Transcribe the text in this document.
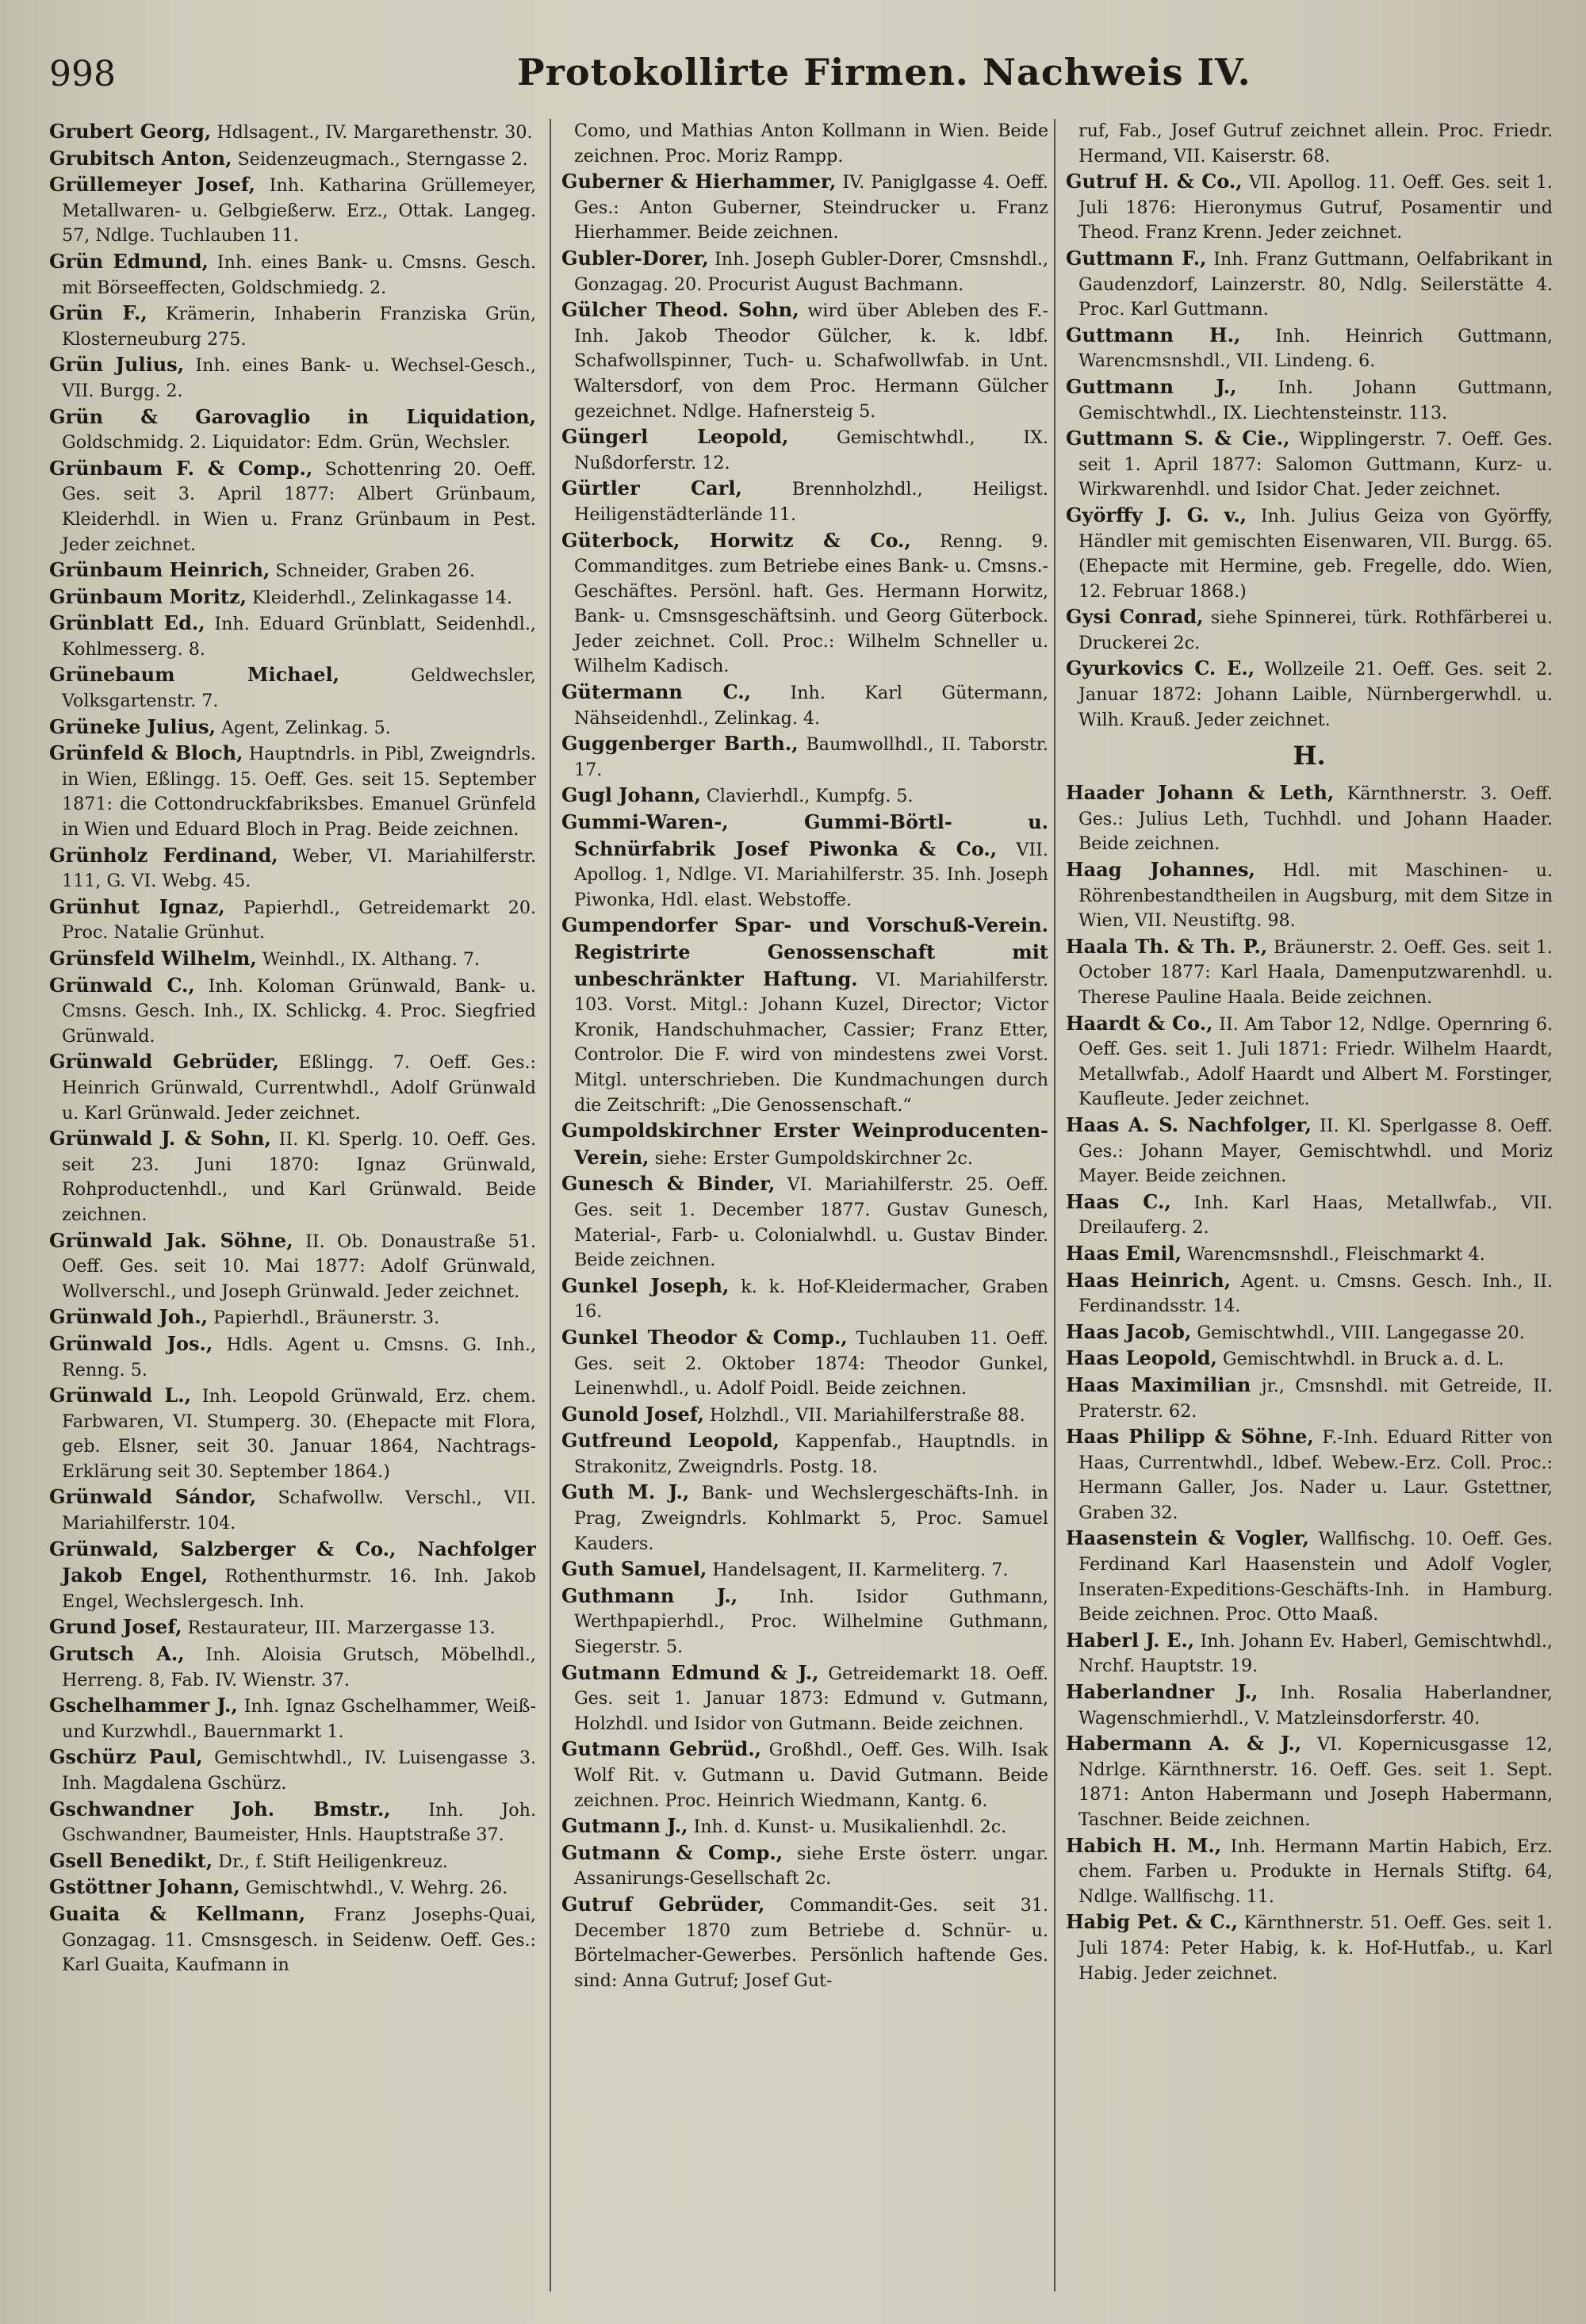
998	Protokollirte Firmen. Nachweis IV.

Grubert Georg, Hdlsagent., IV. Margarethenstr. 30.

Grubitsch Anton, Seidenzeugmach., Sterngasse 2.

Grüllemeyer Josef, Inh. Katharina Grüllemeyer, Metallwaren- u. Gelbgießerw. Erz., Ottak. Langeg. 57, Ndlge. Tuchlauben 11.

Grün Edmund, Inh. eines Bank- u. Cmsns. Gesch. mit Börseeffecten, Goldschmiedg. 2.

Grün F., Krämerin, Inhaberin Franziska Grün, Klosterneuburg 275.

Grün Julius, Inh. eines Bank- u. Wechsel-Gesch., VII. Burgg. 2.

Grün & Garovaglio in Liquidation, Goldschmidg. 2. Liquidator: Edm. Grün, Wechsler.

Grünbaum F. & Comp., Schottenring 20. Oeff. Ges. seit 3. April 1877: Albert Grünbaum, Kleiderhdl. in Wien u. Franz Grünbaum in Pest. Jeder zeichnet.

Grünbaum Heinrich, Schneider, Graben 26.

Grünbaum Moritz, Kleiderhdl., Zelinkagasse 14.

Grünblatt Ed., Inh. Eduard Grünblatt, Seidenhdl., Kohlmesserg. 8.

Grünebaum Michael, Geldwechsler, Volksgartenstr. 7.

Grüneke Julius, Agent, Zelinkag. 5.

Grünfeld & Bloch, Hauptndrls. in Pibl, Zweigndrls. in Wien, Eßlingg. 15. Oeff. Ges. seit 15. September 1871: die Cottondruckfabriksbes. Emanuel Grünfeld in Wien und Eduard Bloch in Prag. Beide zeichnen.

Grünholz Ferdinand, Weber, VI. Mariahilferstr. 111, G. VI. Webg. 45.

Grünhut Ignaz, Papierhdl., Getreidemarkt 20. Proc. Natalie Grünhut.

Grünsfeld Wilhelm, Weinhdl., IX. Althang. 7.

Grünwald C., Inh. Koloman Grünwald, Bank- u. Cmsns. Gesch. Inh., IX. Schlickg. 4. Proc. Siegfried Grünwald.

Grünwald Gebrüder, Eßlingg. 7. Oeff. Ges.: Heinrich Grünwald, Currentwhdl., Adolf Grünwald u. Karl Grünwald. Jeder zeichnet.

Grünwald J. & Sohn, II. Kl. Sperlg. 10. Oeff. Ges. seit 23. Juni 1870: Ignaz Grünwald, Rohproductenhdl., und Karl Grünwald. Beide zeichnen.

Grünwald Jak. Söhne, II. Ob. Donaustraße 51. Oeff. Ges. seit 10. Mai 1877: Adolf Grünwald, Wollverschl., und Joseph Grünwald. Jeder zeichnet.

Grünwald Joh., Papierhdl., Bräunerstr. 3.

Grünwald Jos., Hdls. Agent u. Cmsns. G. Inh., Renng. 5.

Grünwald L., Inh. Leopold Grünwald, Erz. chem. Farbwaren, VI. Stumperg. 30. (Ehepacte mit Flora, geb. Elsner, seit 30. Januar 1864, Nachtrags-Erklärung seit 30. September 1864.)

Grünwald Sándor, Schafwollw. Verschl., VII. Mariahilferstr. 104.

Grünwald, Salzberger & Co., Nachfolger Jakob Engel, Rothenthurmstr. 16. Inh. Jakob Engel, Wechslergesch. Inh.

Grund Josef, Restaurateur, III. Marzergasse 13.

Grutsch A., Inh. Aloisia Grutsch, Möbelhdl., Herreng. 8, Fab. IV. Wienstr. 37.

Gschelhammer J., Inh. Ignaz Gschelhammer, Weiß- und Kurzwhdl., Bauernmarkt 1.

Gschürz Paul, Gemischtwhdl., IV. Luisengasse 3. Inh. Magdalena Gschürz.

Gschwandner Joh. Bmstr., Inh. Joh. Gschwandner, Baumeister, Hnls. Hauptstraße 37.

Gsell Benedikt, Dr., f. Stift Heiligenkreuz.

Gstöttner Johann, Gemischtwhdl., V. Wehrg. 26.

Guaita & Kellmann, Franz Josephs-Quai, Gonzagag. 11. Cmsnsgesch. in Seidenw. Oeff. Ges.: Karl Guaita, Kaufmann in

Como, und Mathias Anton Kollmann in Wien. Beide zeichnen. Proc. Moriz Rampp.

Guberner & Hierhammer, IV. Paniglgasse 4. Oeff. Ges.: Anton Guberner, Steindrucker u. Franz Hierhammer. Beide zeichnen.

Gubler-Dorer, Inh. Joseph Gubler-Dorer, Cmsnshdl., Gonzagag. 20. Procurist August Bachmann.

Gülcher Theod. Sohn, wird über Ableben des F.-Inh. Jakob Theodor Gülcher, k. k. ldbf. Schafwollspinner, Tuch- u. Schafwollwfab. in Unt. Waltersdorf, von dem Proc. Hermann Gülcher gezeichnet. Ndlge. Hafnersteig 5.

Güngerl Leopold, Gemischtwhdl., IX. Nußdorferstr. 12.

Gürtler Carl, Brennholzhdl., Heiligst. Heiligenstädterlände 11.

Güterbock, Horwitz & Co., Renng. 9. Commanditges. zum Betriebe eines Bank- u. Cmsns.-Geschäftes. Persönl. haft. Ges. Hermann Horwitz, Bank- u. Cmsnsgeschäftsinh. und Georg Güterbock. Jeder zeichnet. Coll. Proc.: Wilhelm Schneller u. Wilhelm Kadisch.

Gütermann C., Inh. Karl Gütermann, Nähseidenhdl., Zelinkag. 4.

Guggenberger Barth., Baumwollhdl., II. Taborstr. 17.

Gugl Johann, Clavierhdl., Kumpfg. 5.

Gummi-Waren-, Gummi-Börtl- u. Schnürfabrik Josef Piwonka & Co., VII. Apollog. 1, Ndlge. VI. Mariahilferstr. 35. Inh. Joseph Piwonka, Hdl. elast. Webstoffe.

Gumpendorfer Spar- und Vorschuß-Verein. Registrirte Genossenschaft mit unbeschränkter Haftung. VI. Mariahilferstr. 103. Vorst. Mitgl.: Johann Kuzel, Director; Victor Kronik, Handschuhmacher, Cassier; Franz Etter, Controlor. Die F. wird von mindestens zwei Vorst. Mitgl. unterschrieben. Die Kundmachungen durch die Zeitschrift: „Die Genossenschaft.“

Gumpoldskirchner Erster Weinproducenten-Verein, siehe: Erster Gumpoldskirchner 2c.

Gunesch & Binder, VI. Mariahilferstr. 25. Oeff. Ges. seit 1. December 1877. Gustav Gunesch, Material-, Farb- u. Colonialwhdl. u. Gustav Binder. Beide zeichnen.

Gunkel Joseph, k. k. Hof-Kleidermacher, Graben 16.

Gunkel Theodor & Comp., Tuchlauben 11. Oeff. Ges. seit 2. Oktober 1874: Theodor Gunkel, Leinenwhdl., u. Adolf Poidl. Beide zeichnen.

Gunold Josef, Holzhdl., VII. Mariahilferstraße 88.

Gutfreund Leopold, Kappenfab., Hauptndls. in Strakonitz, Zweigndrls. Postg. 18.

Guth M. J., Bank- und Wechslergeschäfts-Inh. in Prag, Zweigndrls. Kohlmarkt 5, Proc. Samuel Kauders.

Guth Samuel, Handelsagent, II. Karmeliterg. 7.

Guthmann J., Inh. Isidor Guthmann, Werthpapierhdl., Proc. Wilhelmine Guthmann, Siegerstr. 5.

Gutmann Edmund & J., Getreidemarkt 18. Oeff. Ges. seit 1. Januar 1873: Edmund v. Gutmann, Holzhdl. und Isidor von Gutmann. Beide zeichnen.

Gutmann Gebrüd., Großhdl., Oeff. Ges. Wilh. Isak Wolf Rit. v. Gutmann u. David Gutmann. Beide zeichnen. Proc. Heinrich Wiedmann, Kantg. 6.

Gutmann J., Inh. d. Kunst- u. Musikalienhdl. 2c.

Gutmann & Comp., siehe Erste österr. ungar. Assanirungs-Gesellschaft 2c.

Gutruf Gebrüder, Commandit-Ges. seit 31. December 1870 zum Betriebe d. Schnür- u. Börtelmacher-Gewerbes. Persönlich haftende Ges. sind: Anna Gutruf; Josef Gut-

ruf, Fab., Josef Gutruf zeichnet allein. Proc. Friedr. Hermand, VII. Kaiserstr. 68.

Gutruf H. & Co., VII. Apollog. 11. Oeff. Ges. seit 1. Juli 1876: Hieronymus Gutruf, Posamentir und Theod. Franz Krenn. Jeder zeichnet.

Guttmann F., Inh. Franz Guttmann, Oelfabrikant in Gaudenzdorf, Lainzerstr. 80, Ndlg. Seilerstätte 4. Proc. Karl Guttmann.

Guttmann H., Inh. Heinrich Guttmann, Warencmsnshdl., VII. Lindeng. 6.

Guttmann J., Inh. Johann Guttmann, Gemischtwhdl., IX. Liechtensteinstr. 113.

Guttmann S. & Cie., Wipplingerstr. 7. Oeff. Ges. seit 1. April 1877: Salomon Guttmann, Kurz- u. Wirkwarenhdl. und Isidor Chat. Jeder zeichnet.

Györffy J. G. v., Inh. Julius Geiza von Györffy, Händler mit gemischten Eisenwaren, VII. Burgg. 65. (Ehepacte mit Hermine, geb. Fregelle, ddo. Wien, 12. Februar 1868.)

Gysi Conrad, siehe Spinnerei, türk. Rothfärberei u. Druckerei 2c.

Gyurkovics C. E., Wollzeile 21. Oeff. Ges. seit 2. Januar 1872: Johann Laible, Nürnbergerwhdl. u. Wilh. Krauß. Jeder zeichnet.

H.

Haader Johann & Leth, Kärnthnerstr. 3. Oeff. Ges.: Julius Leth, Tuchhdl. und Johann Haader. Beide zeichnen.

Haag Johannes, Hdl. mit Maschinen- u. Röhrenbestandtheilen in Augsburg, mit dem Sitze in Wien, VII. Neustiftg. 98.

Haala Th. & Th. P., Bräunerstr. 2. Oeff. Ges. seit 1. October 1877: Karl Haala, Damenputzwarenhdl. u. Therese Pauline Haala. Beide zeichnen.

Haardt & Co., II. Am Tabor 12, Ndlge. Opernring 6. Oeff. Ges. seit 1. Juli 1871: Friedr. Wilhelm Haardt, Metallwfab., Adolf Haardt und Albert M. Forstinger, Kaufleute. Jeder zeichnet.

Haas A. S. Nachfolger, II. Kl. Sperlgasse 8. Oeff. Ges.: Johann Mayer, Gemischtwhdl. und Moriz Mayer. Beide zeichnen.

Haas C., Inh. Karl Haas, Metallwfab., VII. Dreilauferg. 2.

Haas Emil, Warencmsnshdl., Fleischmarkt 4.

Haas Heinrich, Agent. u. Cmsns. Gesch. Inh., II. Ferdinandsstr. 14.

Haas Jacob, Gemischtwhdl., VIII. Langegasse 20.

Haas Leopold, Gemischtwhdl. in Bruck a. d. L.

Haas Maximilian jr., Cmsnshdl. mit Getreide, II. Praterstr. 62.

Haas Philipp & Söhne, F.-Inh. Eduard Ritter von Haas, Currentwhdl., ldbef. Webew.-Erz. Coll. Proc.: Hermann Galler, Jos. Nader u. Laur. Gstettner, Graben 32.

Haasenstein & Vogler, Wallfischg. 10. Oeff. Ges. Ferdinand Karl Haasenstein und Adolf Vogler, Inseraten-Expeditions-Geschäfts-Inh. in Hamburg. Beide zeichnen. Proc. Otto Maaß.

Haberl J. E., Inh. Johann Ev. Haberl, Gemischtwhdl., Nrchf. Hauptstr. 19.

Haberlandner J., Inh. Rosalia Haberlandner, Wagenschmierhdl., V. Matzleinsdorferstr. 40.

Habermann A. & J., VI. Kopernicusgasse 12, Ndrlge. Kärnthnerstr. 16. Oeff. Ges. seit 1. Sept. 1871: Anton Habermann und Joseph Habermann, Taschner. Beide zeichnen.

Habich H. M., Inh. Hermann Martin Habich, Erz. chem. Farben u. Produkte in Hernals Stiftg. 64, Ndlge. Wallfischg. 11.

Habig Pet. & C., Kärnthnerstr. 51. Oeff. Ges. seit 1. Juli 1874: Peter Habig, k. k. Hof-Hutfab., u. Karl Habig. Jeder zeichnet.
